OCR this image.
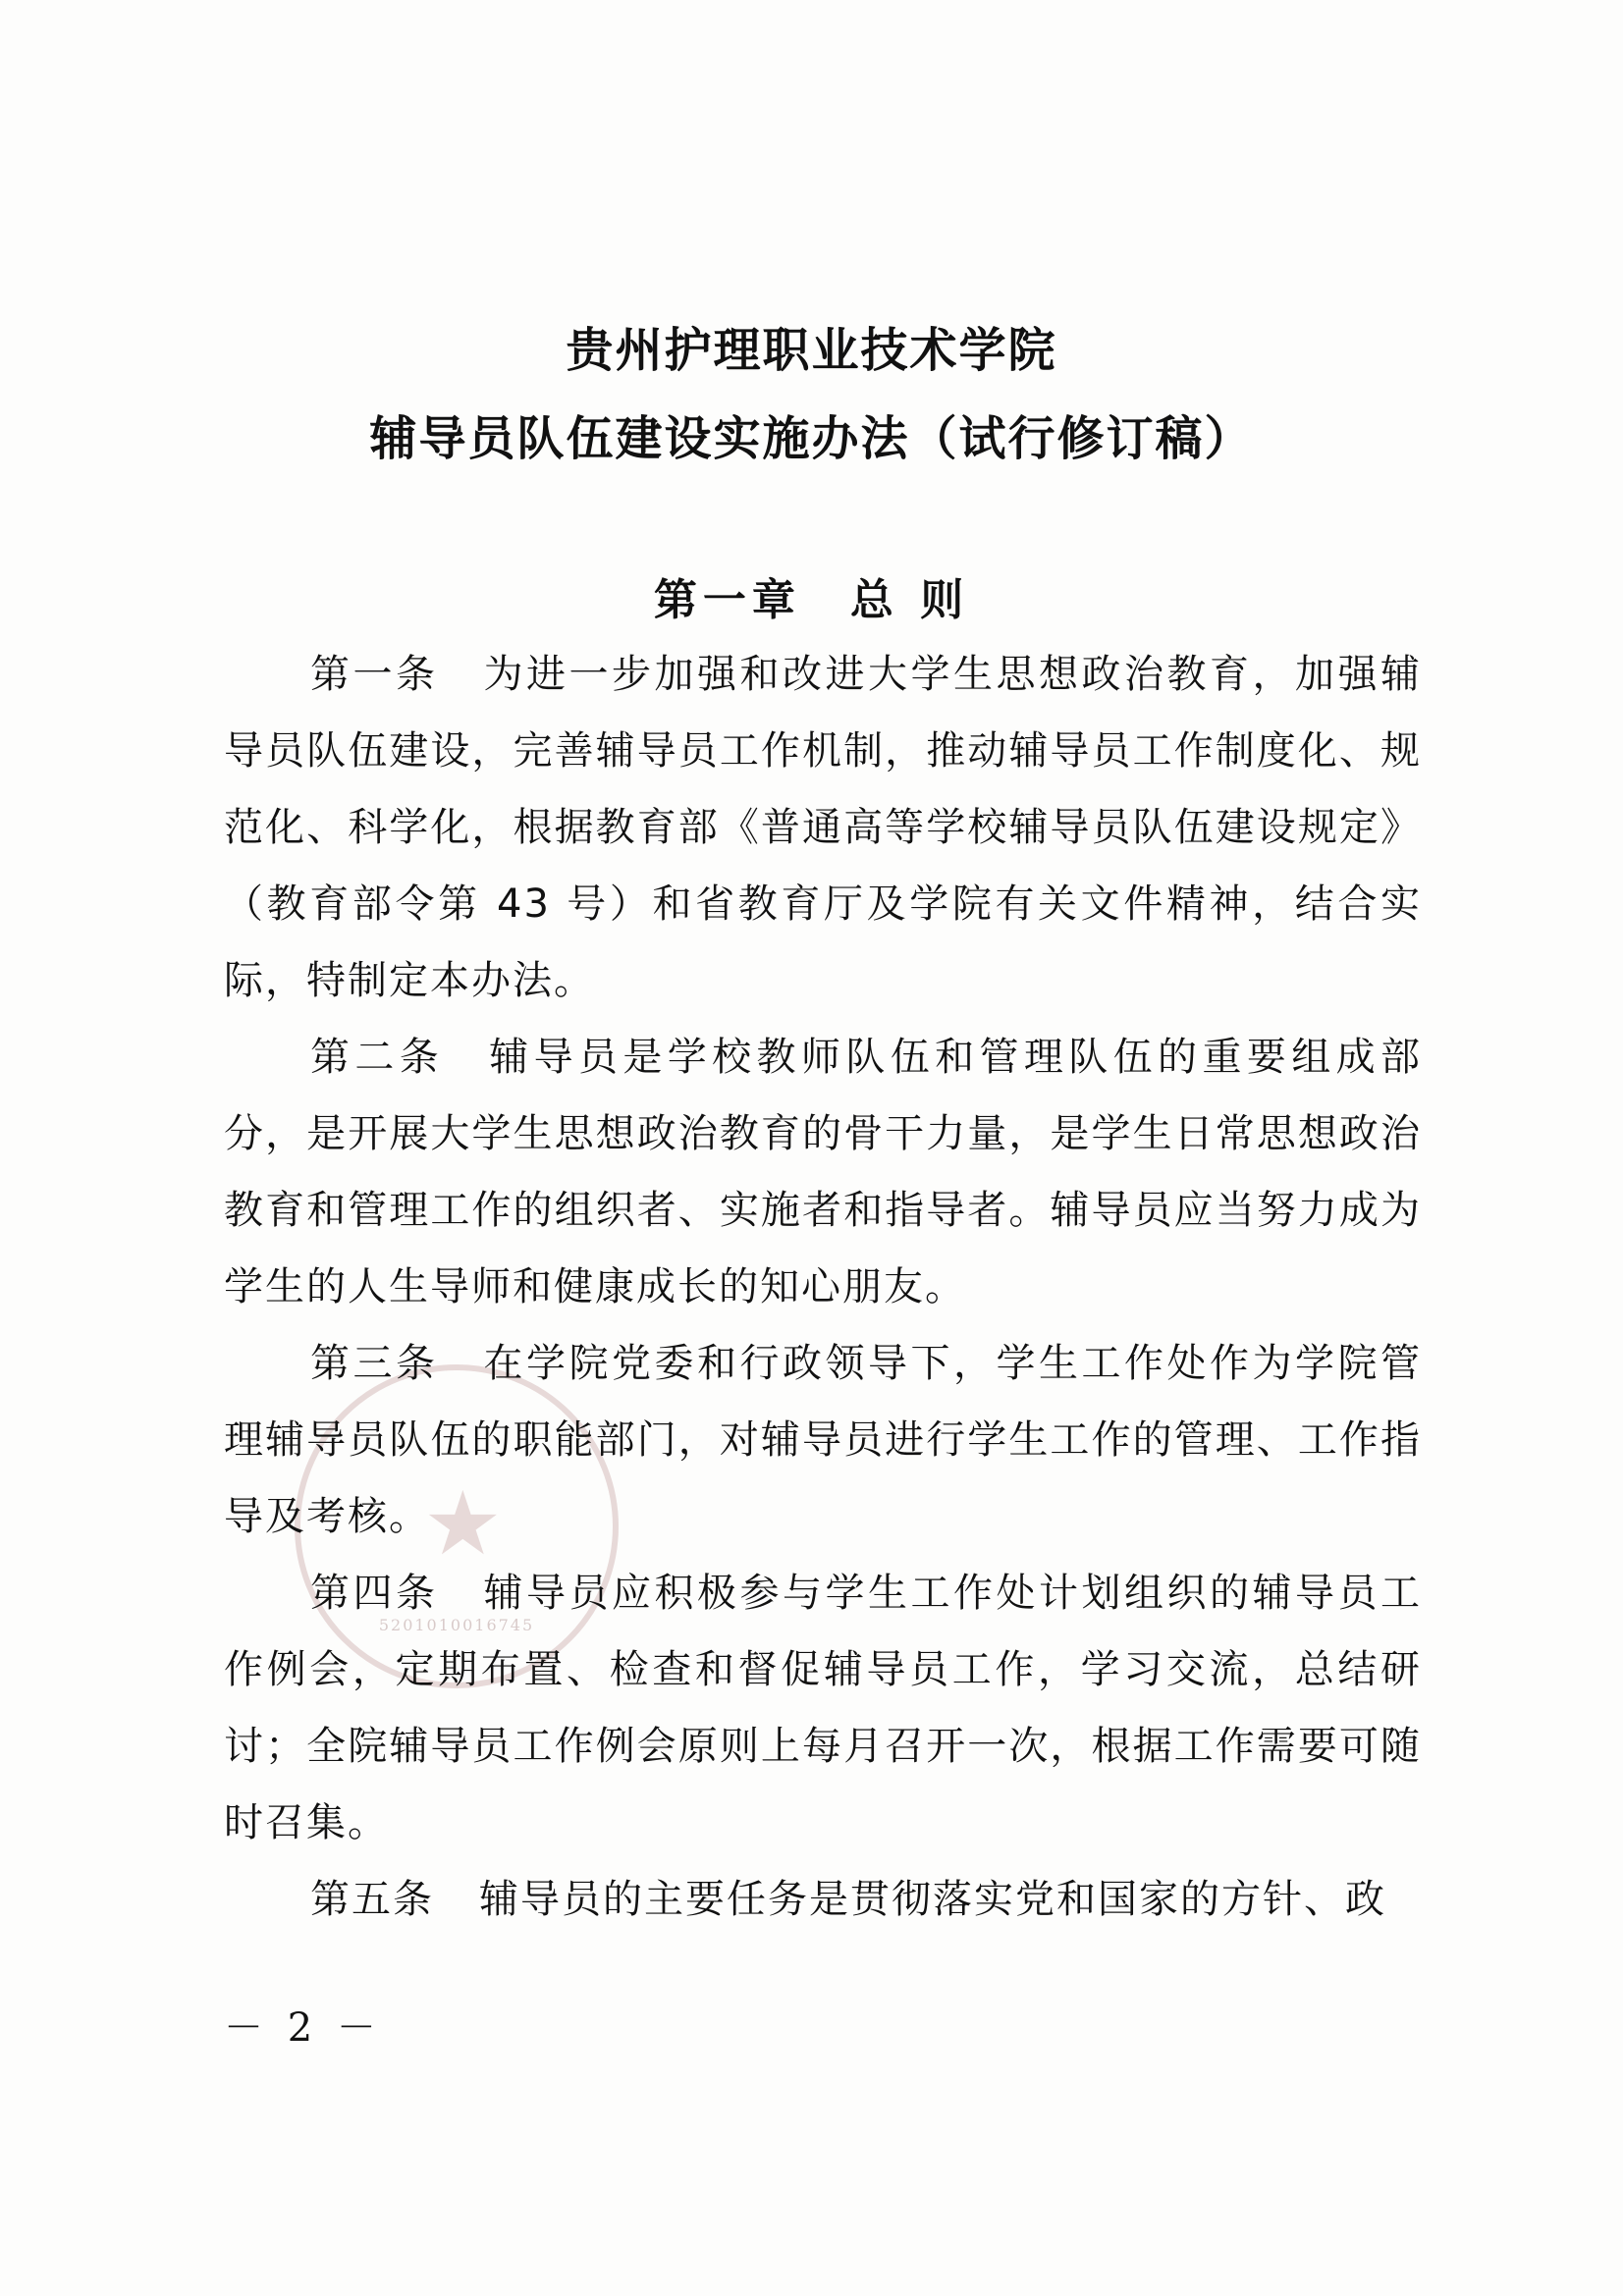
贵州护理职业技术学院
辅导员队伍建设实施办法（试行修订稿）
第一章　总 则
★
5201010016745

第一条 为进一步加强和改进大学生思想政治教育，加强辅导员队伍建设，完善辅导员工作机制，推动辅导员工作制度化、规范化、科学化，根据教育部《普通高等学校辅导员队伍建设规定》（教育部令第 43 号）和省教育厅及学院有关文件精神，结合实际，特制定本办法。

第二条 辅导员是学校教师队伍和管理队伍的重要组成部分，是开展大学生思想政治教育的骨干力量，是学生日常思想政治教育和管理工作的组织者、实施者和指导者。辅导员应当努力成为学生的人生导师和健康成长的知心朋友。

第三条 在学院党委和行政领导下，学生工作处作为学院管理辅导员队伍的职能部门，对辅导员进行学生工作的管理、工作指导及考核。

第四条 辅导员应积极参与学生工作处计划组织的辅导员工作例会，定期布置、检查和督促辅导员工作，学习交流，总结研讨；全院辅导员工作例会原则上每月召开一次，根据工作需要可随时召集。

第五条 辅导员的主要任务是贯彻落实党和国家的方针、政

－ 2 －
